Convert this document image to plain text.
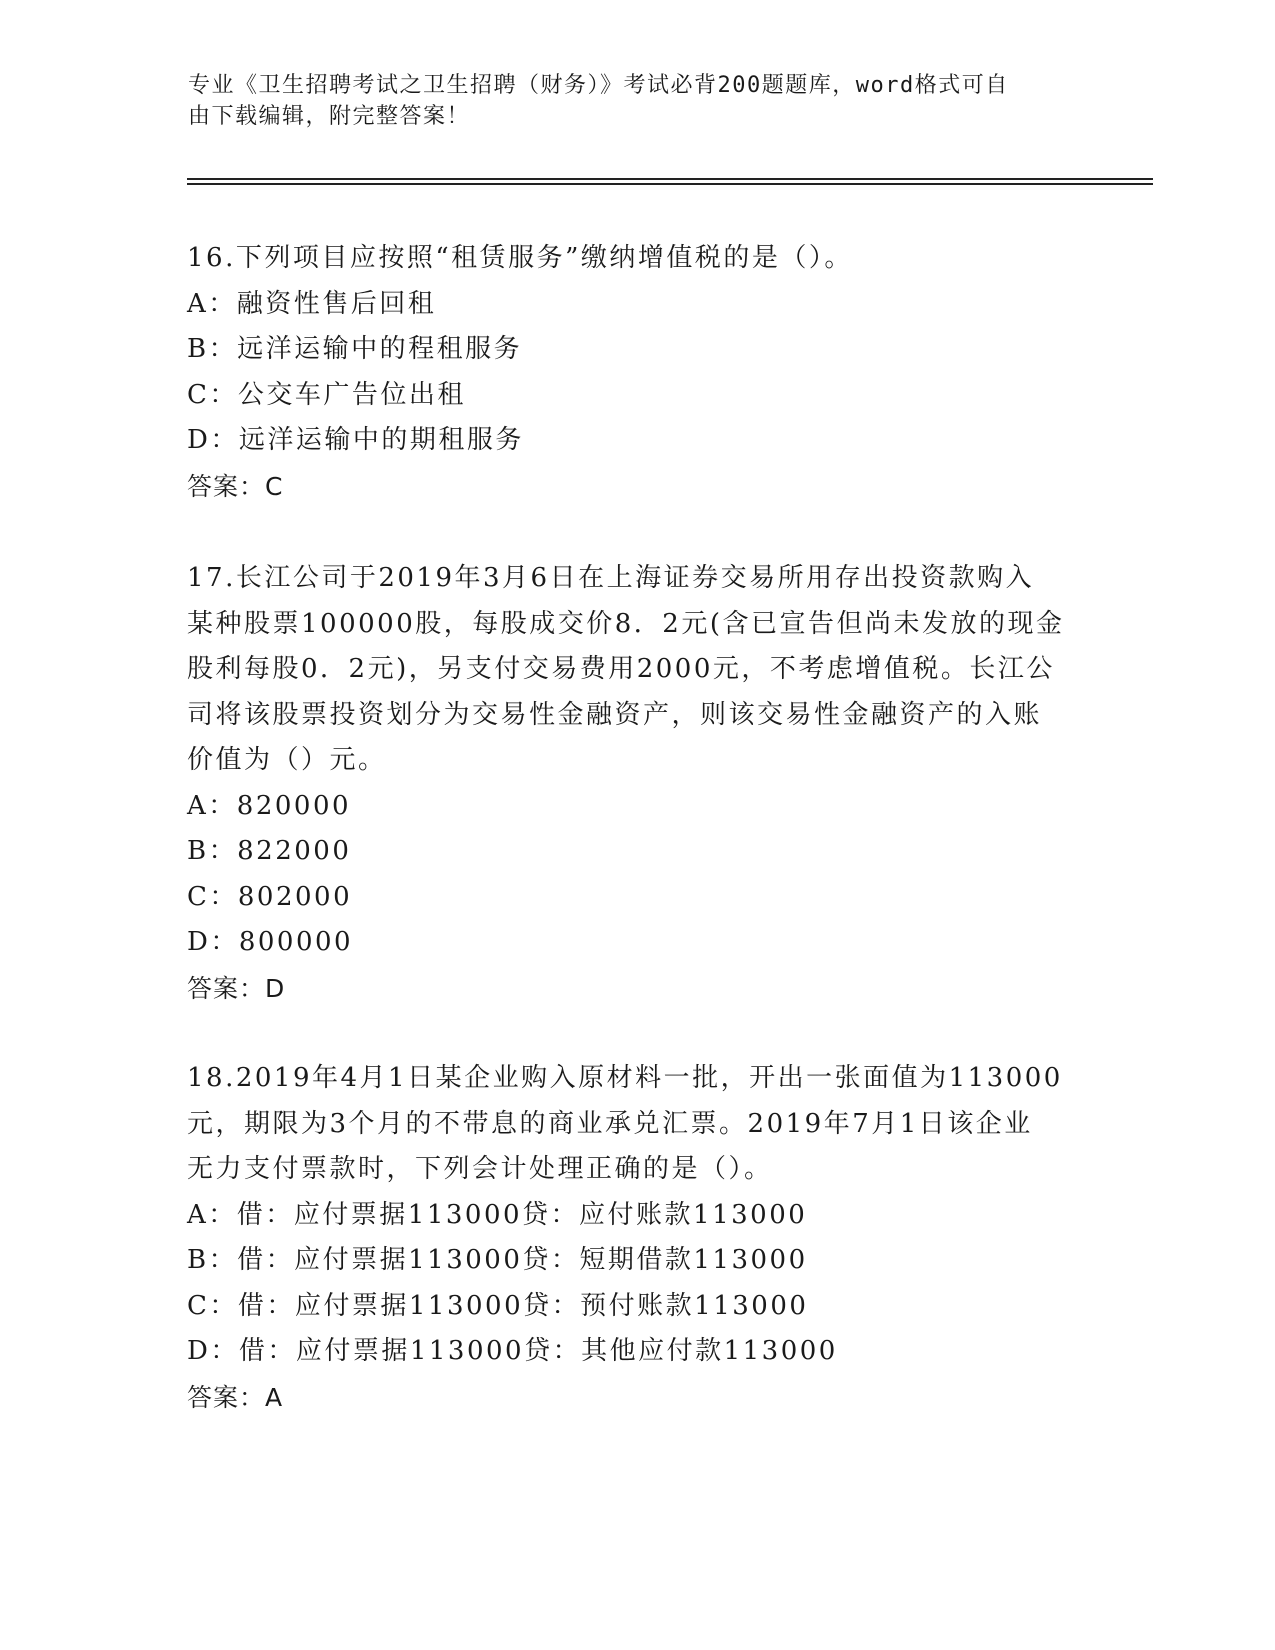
专业《卫生招聘考试之卫生招聘（财务）》考试必背200题题库，word格式可自
由下载编辑，附完整答案！

16.下列项目应按照“租赁服务”缴纳增值税的是（）。

A：融资性售后回租

B：远洋运输中的程租服务

C：公交车广告位出租

D：远洋运输中的期租服务

答案：C

17.长江公司于2019年3月6日在上海证券交易所用存出投资款购入

某种股票100000股，每股成交价8．2元(含已宣告但尚未发放的现金

股利每股0．2元)，另支付交易费用2000元，不考虑增值税。长江公

司将该股票投资划分为交易性金融资产，则该交易性金融资产的入账

价值为（）元。

A：820000

B：822000

C：802000

D：800000

答案：D

18.2019年4月1日某企业购入原材料一批，开出一张面值为113000

元，期限为3个月的不带息的商业承兑汇票。2019年7月1日该企业

无力支付票款时，下列会计处理正确的是（）。

A：借：应付票据113000贷：应付账款113000

B：借：应付票据113000贷：短期借款113000

C：借：应付票据113000贷：预付账款113000

D：借：应付票据113000贷：其他应付款113000

答案：A
